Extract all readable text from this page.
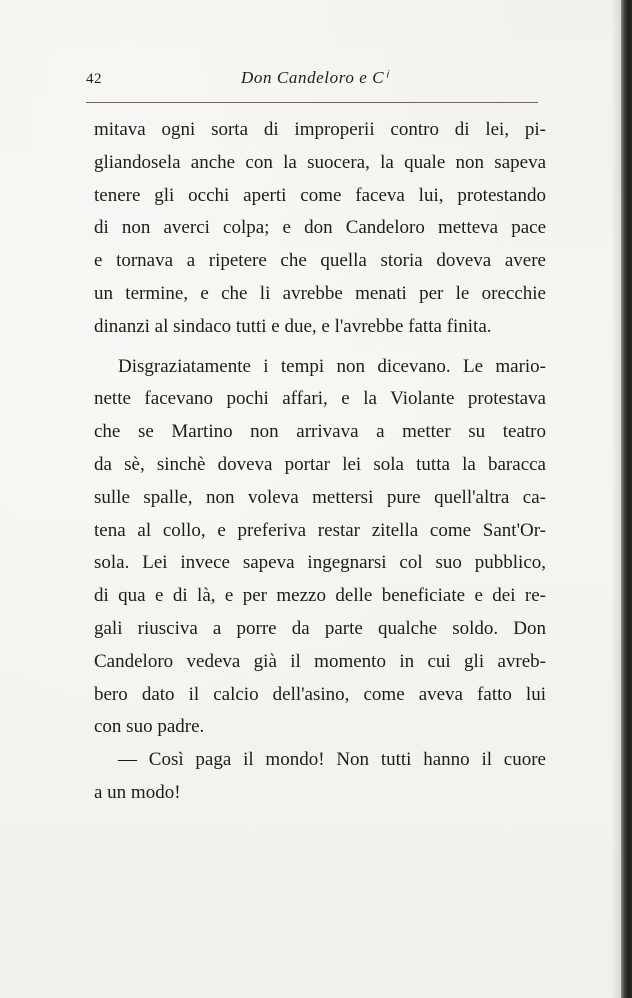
42	Don Candeloro e Cⁱ
mitava ogni sorta di improperii contro di lei, pi-
gliandosela anche con la suocera, la quale non sapeva
tenere gli occhi aperti come faceva lui, protestando
di non averci colpa; e don Candeloro metteva pace
e tornava a ripetere che quella storia doveva avere
un termine, e che li avrebbe menati per le orecchie
dinanzi al sindaco tutti e due, e l'avrebbe fatta finita.
Disgraziatamente i tempi non dicevano. Le mario-
nette facevano pochi affari, e la Violante protestava
che se Martino non arrivava a metter su teatro
da sè, sinchè doveva portar lei sola tutta la baracca
sulle spalle, non voleva mettersi pure quell'altra ca-
tena al collo, e preferiva restar zitella come Sant'Or-
sola. Lei invece sapeva ingegnarsi col suo pubblico,
di qua e di là, e per mezzo delle beneficiate e dei re-
gali riusciva a porre da parte qualche soldo. Don
Candeloro vedeva già il momento in cui gli avreb-
bero dato il calcio dell'asino, come aveva fatto lui
con suo padre.
— Così paga il mondo! Non tutti hanno il cuore
a un modo!
